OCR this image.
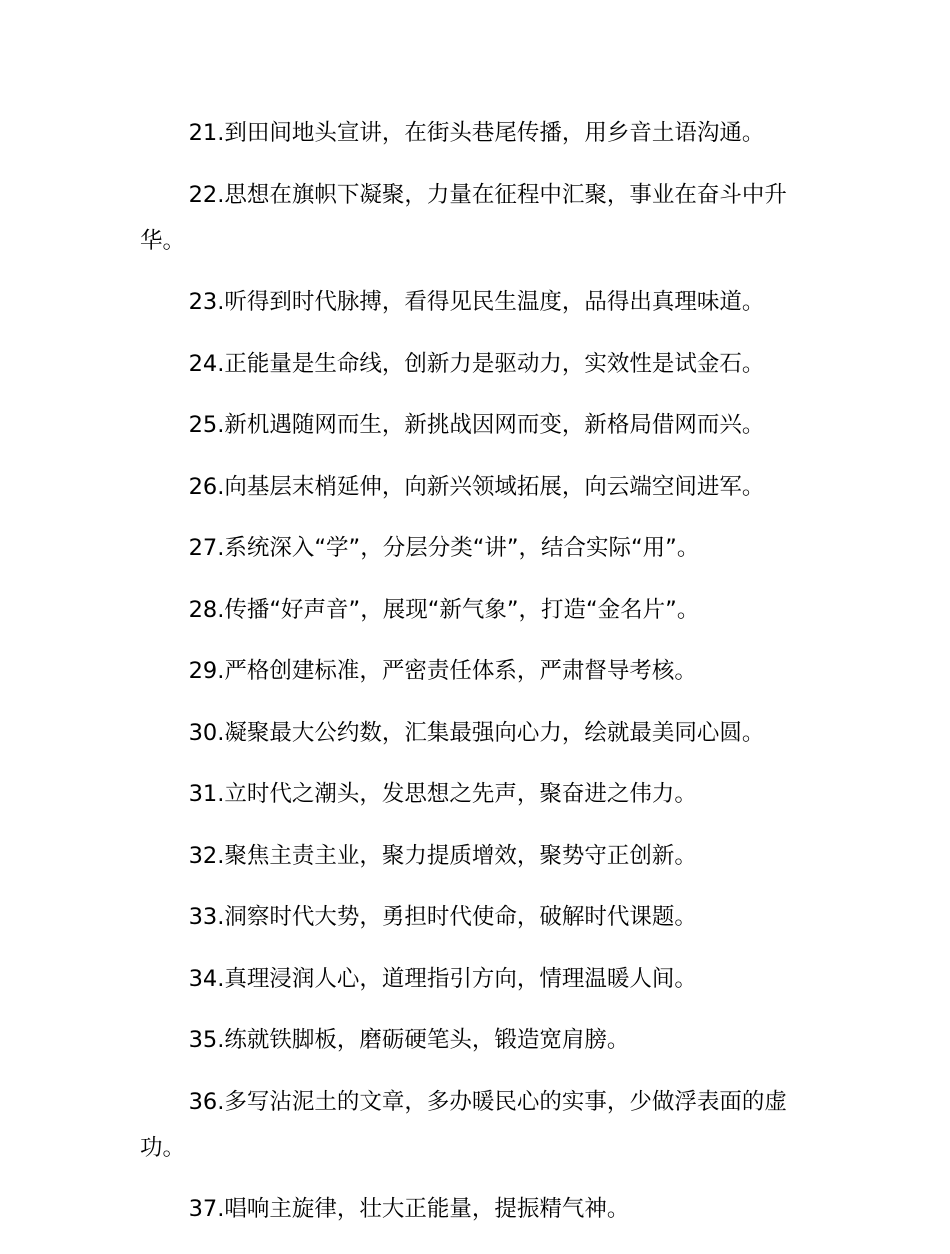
21.到田间地头宣讲，在街头巷尾传播，用乡音土语沟通。
22.思想在旗帜下凝聚，力量在征程中汇聚，事业在奋斗中升华。
23.听得到时代脉搏，看得见民生温度，品得出真理味道。
24.正能量是生命线，创新力是驱动力，实效性是试金石。
25.新机遇随网而生，新挑战因网而变，新格局借网而兴。
26.向基层末梢延伸，向新兴领域拓展，向云端空间进军。
27.系统深入“学”，分层分类“讲”，结合实际“用”。
28.传播“好声音”，展现“新气象”，打造“金名片”。
29.严格创建标准，严密责任体系，严肃督导考核。
30.凝聚最大公约数，汇集最强向心力，绘就最美同心圆。
31.立时代之潮头，发思想之先声，聚奋进之伟力。
32.聚焦主责主业，聚力提质增效，聚势守正创新。
33.洞察时代大势，勇担时代使命，破解时代课题。
34.真理浸润人心，道理指引方向，情理温暖人间。
35.练就铁脚板，磨砺硬笔头，锻造宽肩膀。
36.多写沾泥土的文章，多办暖民心的实事，少做浮表面的虚功。
37.唱响主旋律，壮大正能量，提振精气神。
